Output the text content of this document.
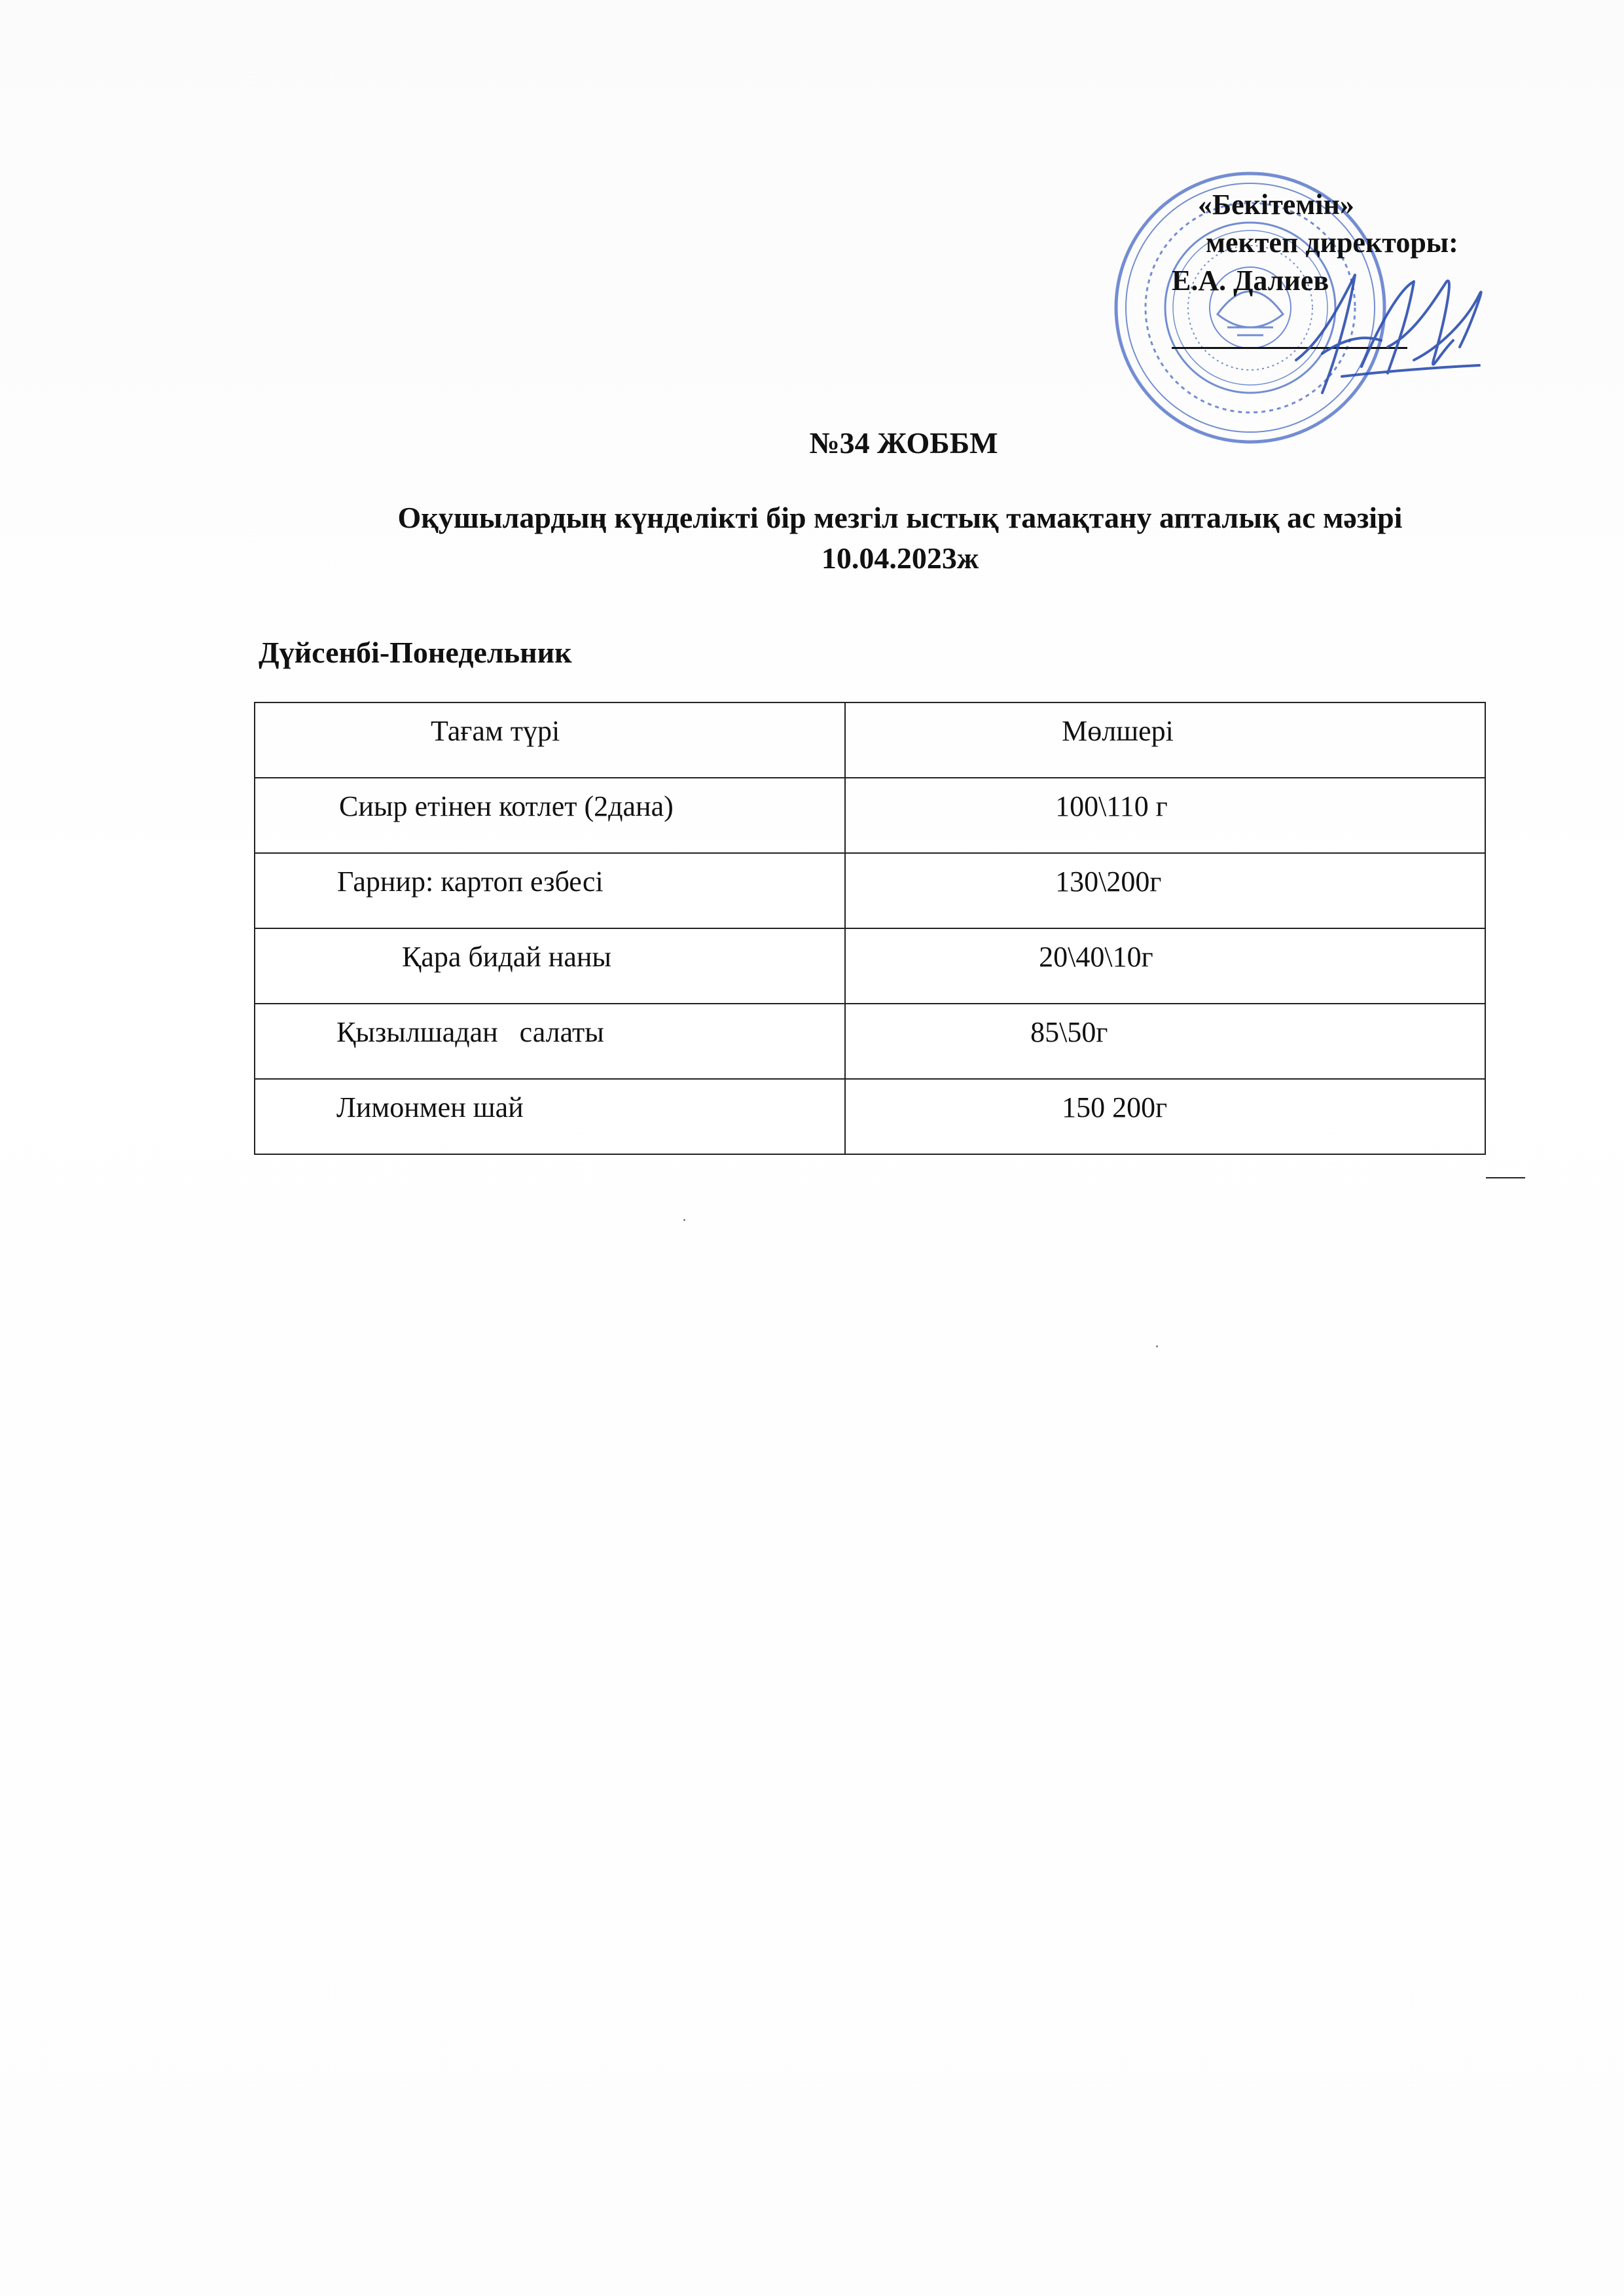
«Бекітемін»
мектеп директоры:
Е.А. Далиев
№34 ЖОББМ
Оқушылардың күнделікті бір мезгіл ыстық тамақтану апталық ас мәзірі
10.04.2023ж
Дүйсенбі-Понедельник
Тағам түрі	Мөлшері

Сиыр етінен котлет (2дана)	100\110 г

Гарнир: картоп езбесі	130\200г

Қара бидай наны	20\40\10г

Қызылшадан   салаты	85\50г

Лимонмен шай	150 200г
